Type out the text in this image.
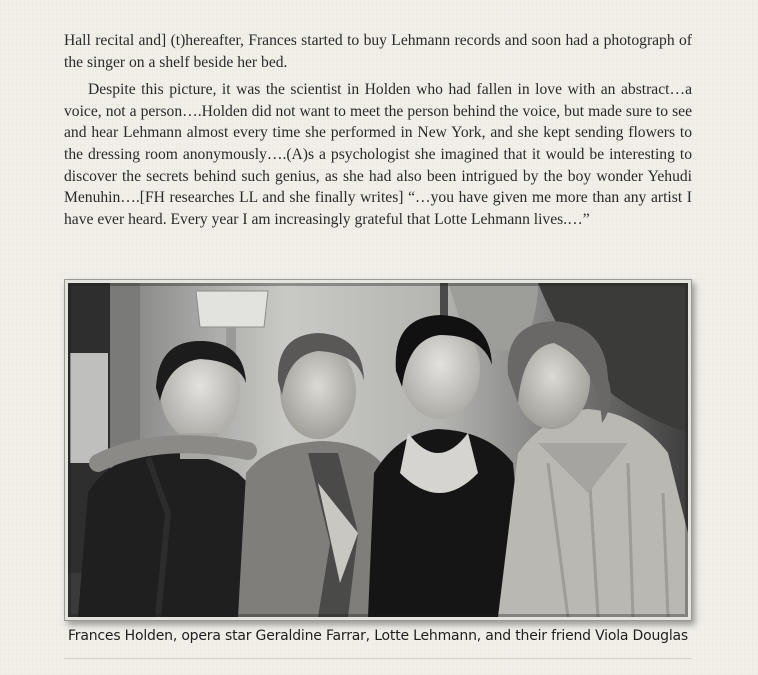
Hall recital and] (t)hereafter, Frances started to buy Lehmann records and soon had a photograph of the singer on a shelf beside her bed.

Despite this picture, it was the scientist in Holden who had fallen in love with an abstract…a voice, not a person….Holden did not want to meet the person behind the voice, but made sure to see and hear Lehmann almost every time she performed in New York, and she kept sending flowers to the dressing room anonymously….(A)s a psychologist she imagined that it would be interesting to discover the secrets behind such genius, as she had also been intrigued by the boy wonder Yehudi Menuhin….[FH researches LL and she finally writes] “…you have given me more than any artist I have ever heard. Every year I am increasingly grateful that Lotte Lehmann lives.…”

Frances Holden, opera star Geraldine Farrar, Lotte Lehmann, and their friend Viola Douglas
